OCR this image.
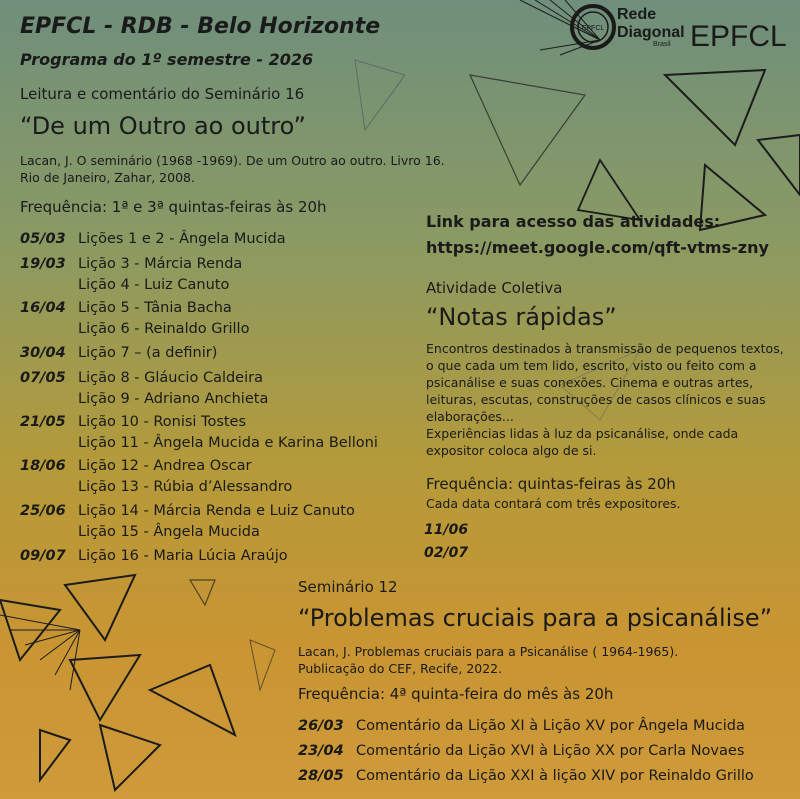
EPFCL
Rede
Diagonal
Brasil EPFCL
EPFCL - RDB - Belo Horizonte
Programa do 1º semestre - 2026
Leitura e comentário do Seminário 16
“De um Outro ao outro”
Lacan, J. O seminário (1968 -1969). De um Outro ao outro. Livro 16.
Rio de Janeiro, Zahar, 2008.
Frequência: 1ª e 3ª quintas-feiras às 20h
05/03 Lições 1 e 2 - Ângela Mucida
19/03 Lição 3 - Márcia Renda
Lição 4 - Luiz Canuto
16/04 Lição 5 - Tânia Bacha
Lição 6 - Reinaldo Grillo
30/04 Lição 7 – (a definir)
07/05 Lição 8 - Gláucio Caldeira
Lição 9 - Adriano Anchieta
21/05 Lição 10 - Ronisi Tostes
Lição 11 - Ângela Mucida e Karina Belloni
18/06 Lição 12 - Andrea Oscar
Lição 13 - Rúbia d’Alessandro
25/06 Lição 14 - Márcia Renda e Luiz Canuto
Lição 15 - Ângela Mucida
09/07 Lição 16 - Maria Lúcia Araújo
Link para acesso das atividades:
https://meet.google.com/qft-vtms-zny
Atividade Coletiva
“Notas rápidas”
Encontros destinados à transmissão de pequenos textos,
o que cada um tem lido, escrito, visto ou feito com a
psicanálise e suas conexões. Cinema e outras artes,
leituras, escutas, construções de casos clínicos e suas
elaborações...
Experiências lidas à luz da psicanálise, onde cada
expositor coloca algo de si.
Frequência: quintas-feiras às 20h
Cada data contará com três expositores.
11/06
02/07
Seminário 12
“Problemas cruciais para a psicanálise”
Lacan, J. Problemas cruciais para a Psicanálise ( 1964-1965).
Publicação do CEF, Recife, 2022.
Frequência: 4ª quinta-feira do mês às 20h
26/03 Comentário da Lição XI à Lição XV por Ângela Mucida
23/04 Comentário da Lição XVI à Lição XX por Carla Novaes
28/05 Comentário da Lição XXI à lição XIV por Reinaldo Grillo
